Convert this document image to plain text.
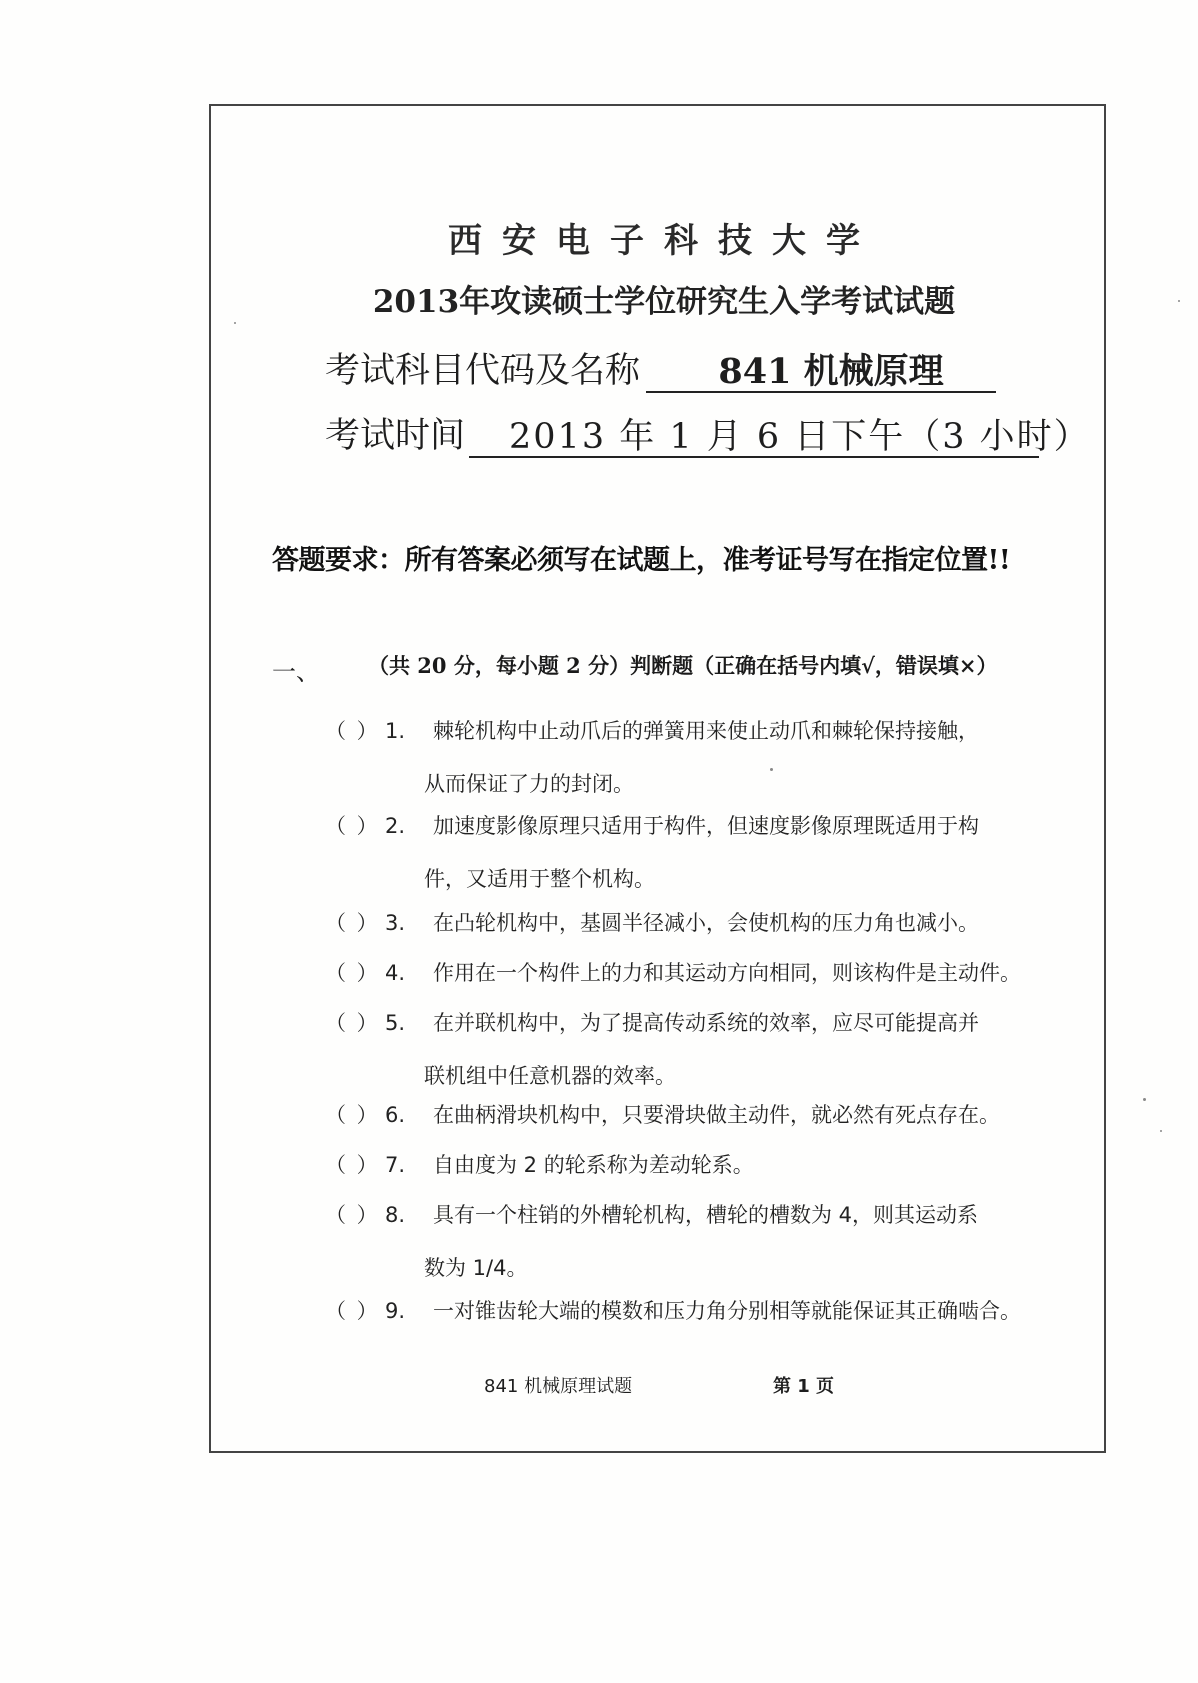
西安电子科技大学
2013年攻读硕士学位研究生入学考试试题
考试科目代码及名称	841 机械原理
考试时间	2013 年 1 月 6 日下午（3 小时）
答题要求：所有答案必须写在试题上，准考证号写在指定位置!!
一、 （共 20 分，每小题 2 分）判断题（正确在括号内填√，错误填×）
（ ） 1. 棘轮机构中止动爪后的弹簧用来使止动爪和棘轮保持接触，
从而保证了力的封闭。
（ ） 2. 加速度影像原理只适用于构件，但速度影像原理既适用于构
件，又适用于整个机构。
（ ） 3. 在凸轮机构中，基圆半径减小，会使机构的压力角也减小。
（ ） 4. 作用在一个构件上的力和其运动方向相同，则该构件是主动件。
（ ） 5. 在并联机构中，为了提高传动系统的效率，应尽可能提高并
联机组中任意机器的效率。
（ ） 6. 在曲柄滑块机构中，只要滑块做主动件，就必然有死点存在。
（ ） 7. 自由度为 2 的轮系称为差动轮系。
（ ） 8. 具有一个柱销的外槽轮机构，槽轮的槽数为 4，则其运动系
数为 1/4。
（ ） 9. 一对锥齿轮大端的模数和压力角分别相等就能保证其正确啮合。
841 机械原理试题	第 1 页
